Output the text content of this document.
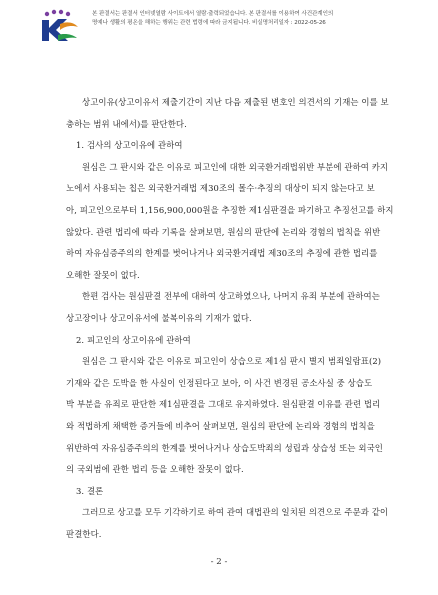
본 판결서는 판결서 인터넷열람 사이트에서 열람·출력되었습니다. 본 판결서를 이용하여 사건관계인의
명예나 생활의 평온을 해하는 행위는 관련 법령에 따라 금지됩니다. 비실명처리일자 : 2022-05-26
상고이유(상고이유서 제출기간이 지난 다음 제출된 변호인 의견서의 기재는 이를 보
충하는 범위 내에서)를 판단한다.
1. 검사의 상고이유에 관하여
원심은 그 판시와 같은 이유로 피고인에 대한 외국환거래법위반 부분에 관하여 카지
노에서 사용되는 칩은 외국환거래법 제30조의 몰수·추징의 대상이 되지 않는다고 보
아, 피고인으로부터 1,156,900,000원을 추징한 제1심판결을 파기하고 추징선고를 하지
않았다. 관련 법리에 따라 기록을 살펴보면, 원심의 판단에 논리와 경험의 법칙을 위반
하여 자유심증주의의 한계를 벗어나거나 외국환거래법 제30조의 추징에 관한 법리를
오해한 잘못이 없다.
한편 검사는 원심판결 전부에 대하여 상고하였으나, 나머지 유죄 부분에 관하여는
상고장이나 상고이유서에 불복이유의 기재가 없다.
2. 피고인의 상고이유에 관하여
원심은 그 판시와 같은 이유로 피고인이 상습으로 제1심 판시 별지 범죄일람표(2)
기재와 같은 도박을 한 사실이 인정된다고 보아, 이 사건 변경된 공소사실 중 상습도
박 부분을 유죄로 판단한 제1심판결을 그대로 유지하였다. 원심판결 이유를 관련 법리
와 적법하게 채택한 증거들에 비추어 살펴보면, 원심의 판단에 논리와 경험의 법칙을
위반하여 자유심증주의의 한계를 벗어나거나 상습도박죄의 성립과 상습성 또는 외국인
의 국외범에 관한 법리 등을 오해한 잘못이 없다.
3. 결론
그러므로 상고를 모두 기각하기로 하여 관여 대법관의 일치된 의견으로 주문과 같이
판결한다.
- 2 -
